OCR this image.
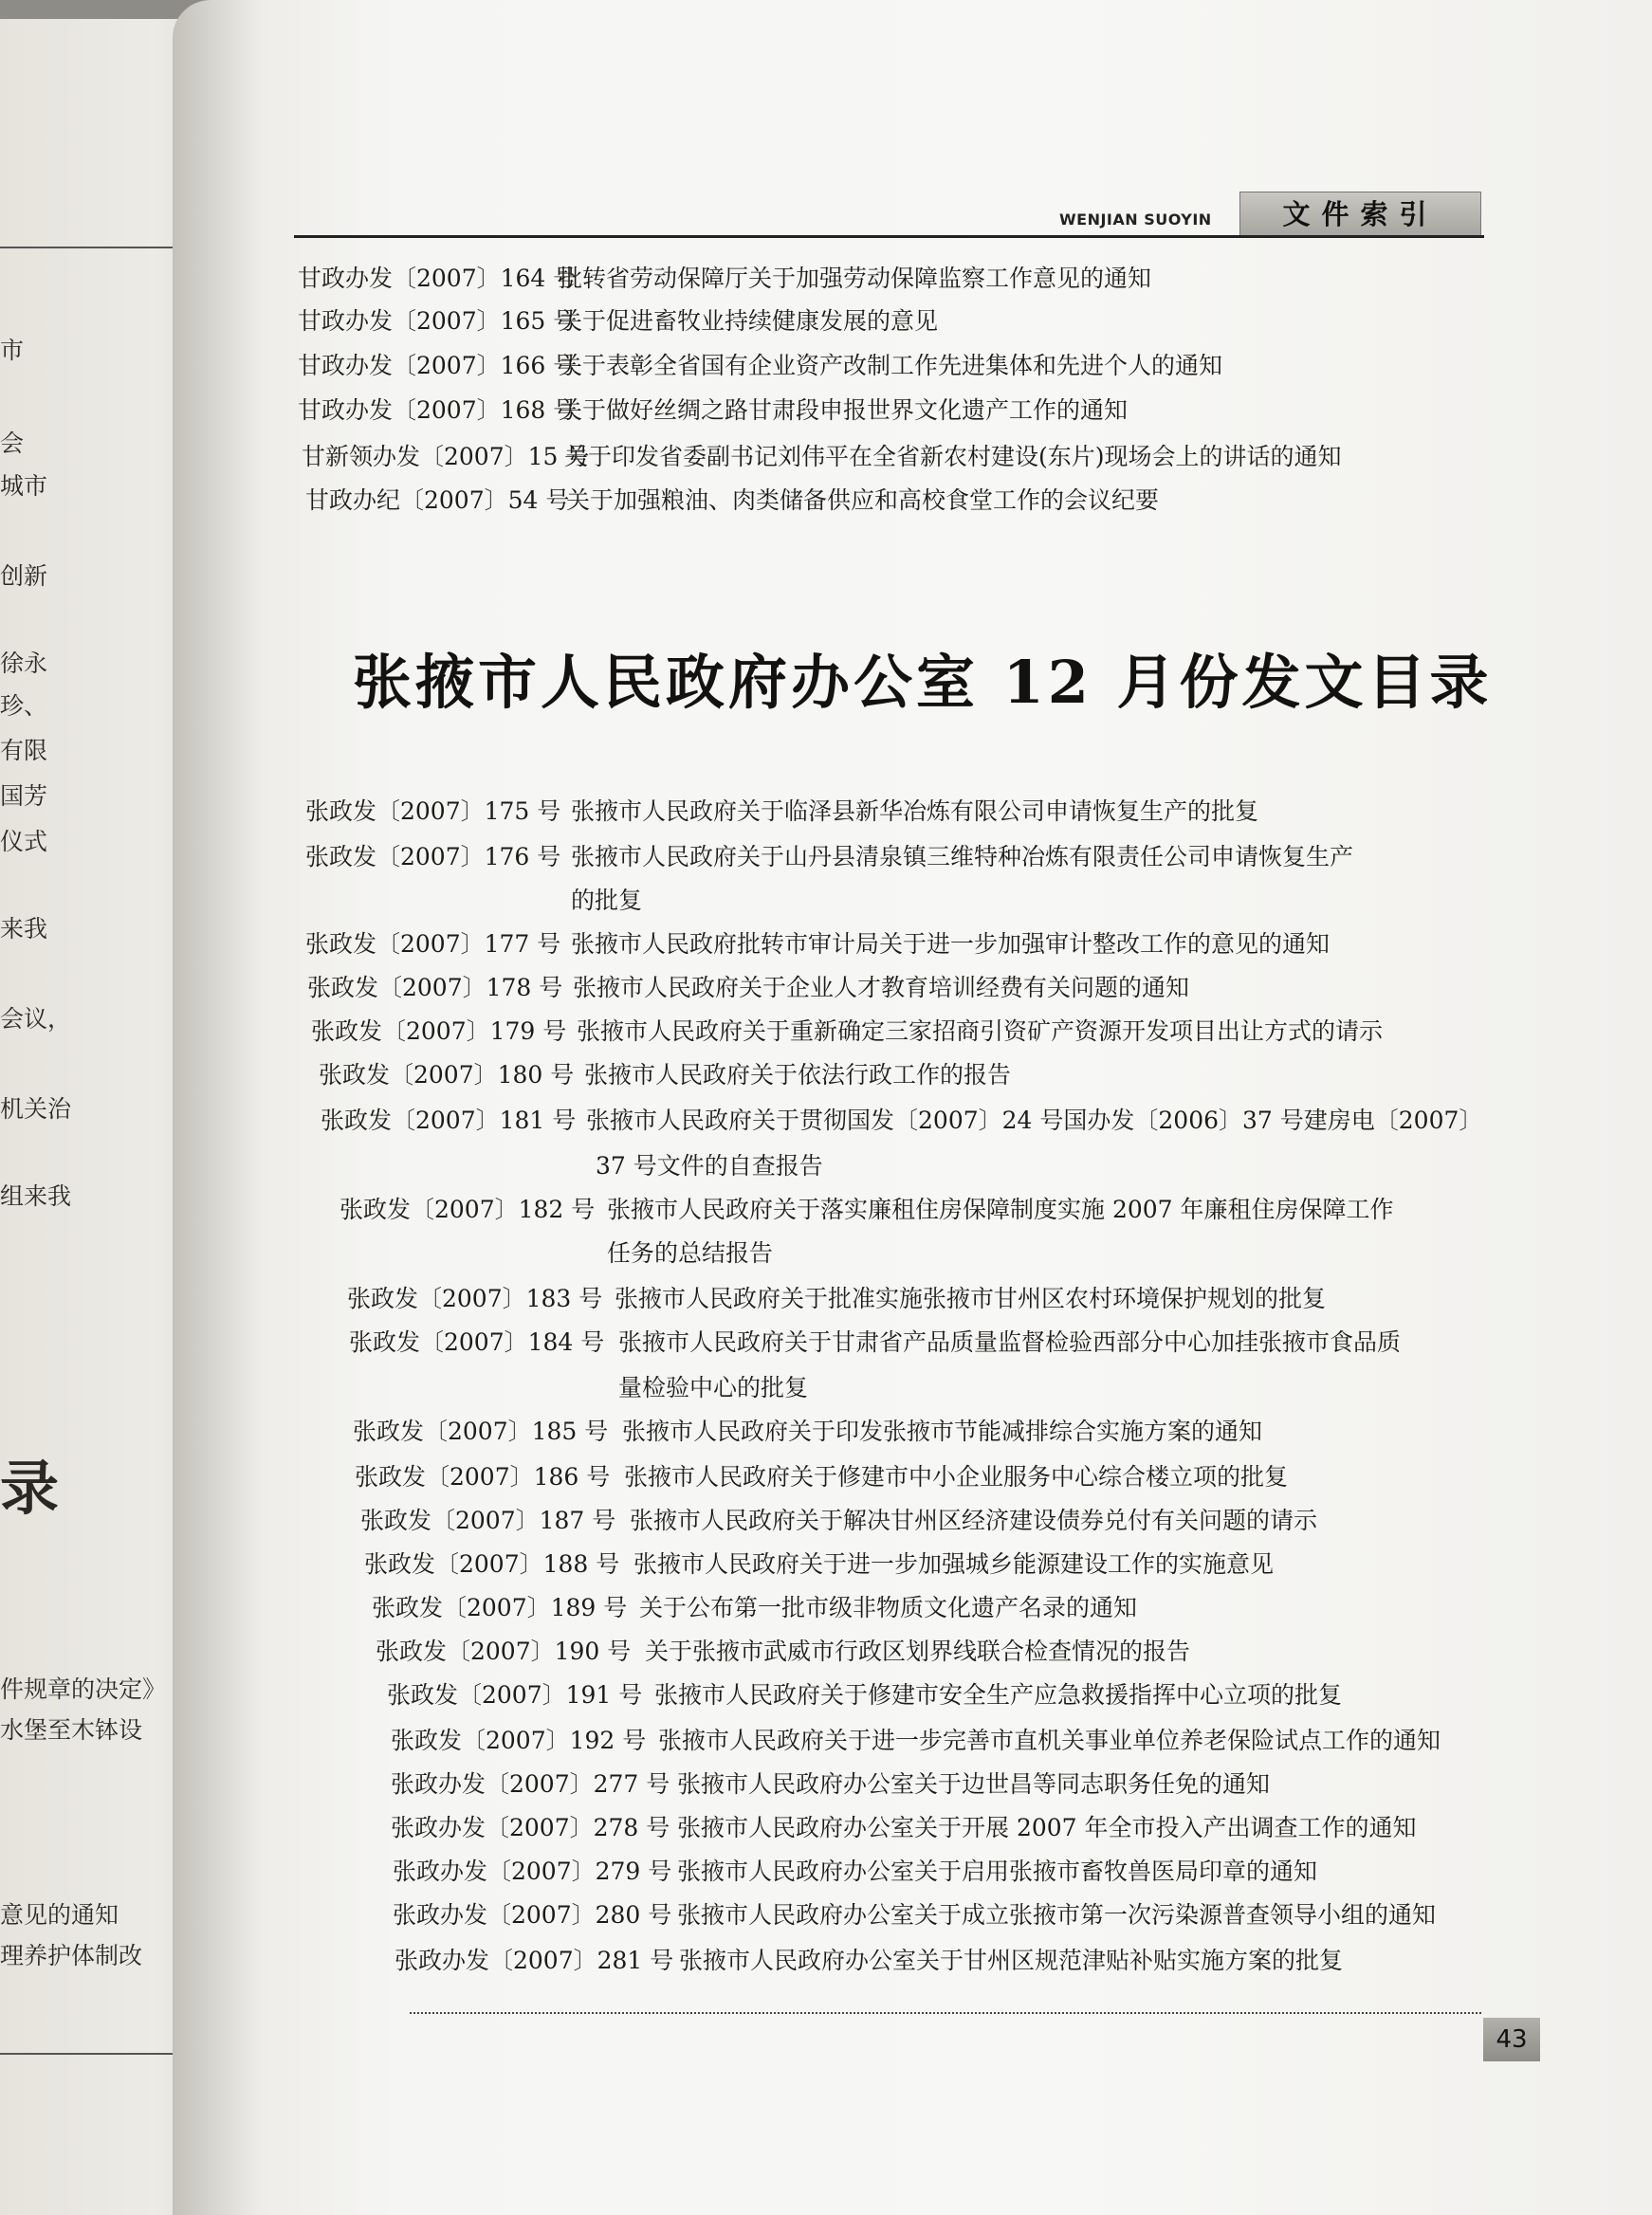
市
会
城市
创新
徐永
珍、
有限
国芳
仪式
来我
会议，
机关治
组来我
录
件规章的决定》
水堡至木钵设
意见的通知
理养护体制改
WENJIAN SUOYIN	文件索引
甘政办发〔2007〕164 号
批转省劳动保障厅关于加强劳动保障监察工作意见的通知
甘政办发〔2007〕165 号
关于促进畜牧业持续健康发展的意见
甘政办发〔2007〕166 号
关于表彰全省国有企业资产改制工作先进集体和先进个人的通知
甘政办发〔2007〕168 号
关于做好丝绸之路甘肃段申报世界文化遗产工作的通知
甘新领办发〔2007〕15 号
关于印发省委副书记刘伟平在全省新农村建设(东片)现场会上的讲话的通知
甘政办纪〔2007〕54 号
关于加强粮油、肉类储备供应和高校食堂工作的会议纪要
张掖市人民政府办公室 12 月份发文目录
张政发〔2007〕175 号 张掖市人民政府关于临泽县新华冶炼有限公司申请恢复生产的批复
张政发〔2007〕176 号 张掖市人民政府关于山丹县清泉镇三维特种冶炼有限责任公司申请恢复生产
的批复
张政发〔2007〕177 号 张掖市人民政府批转市审计局关于进一步加强审计整改工作的意见的通知
张政发〔2007〕178 号 张掖市人民政府关于企业人才教育培训经费有关问题的通知
张政发〔2007〕179 号 张掖市人民政府关于重新确定三家招商引资矿产资源开发项目出让方式的请示
张政发〔2007〕180 号 张掖市人民政府关于依法行政工作的报告
张政发〔2007〕181 号 张掖市人民政府关于贯彻国发〔2007〕24 号国办发〔2006〕37 号建房电〔2007〕
37 号文件的自查报告
张政发〔2007〕182 号 张掖市人民政府关于落实廉租住房保障制度实施 2007 年廉租住房保障工作
任务的总结报告
张政发〔2007〕183 号 张掖市人民政府关于批准实施张掖市甘州区农村环境保护规划的批复
张政发〔2007〕184 号 张掖市人民政府关于甘肃省产品质量监督检验西部分中心加挂张掖市食品质
量检验中心的批复
张政发〔2007〕185 号 张掖市人民政府关于印发张掖市节能减排综合实施方案的通知
张政发〔2007〕186 号 张掖市人民政府关于修建市中小企业服务中心综合楼立项的批复
张政发〔2007〕187 号 张掖市人民政府关于解决甘州区经济建设债券兑付有关问题的请示
张政发〔2007〕188 号 张掖市人民政府关于进一步加强城乡能源建设工作的实施意见
张政发〔2007〕189 号 关于公布第一批市级非物质文化遗产名录的通知
张政发〔2007〕190 号 关于张掖市武威市行政区划界线联合检查情况的报告
张政发〔2007〕191 号 张掖市人民政府关于修建市安全生产应急救援指挥中心立项的批复
张政发〔2007〕192 号 张掖市人民政府关于进一步完善市直机关事业单位养老保险试点工作的通知
张政办发〔2007〕277 号 张掖市人民政府办公室关于边世昌等同志职务任免的通知
张政办发〔2007〕278 号 张掖市人民政府办公室关于开展 2007 年全市投入产出调查工作的通知
张政办发〔2007〕279 号 张掖市人民政府办公室关于启用张掖市畜牧兽医局印章的通知
张政办发〔2007〕280 号 张掖市人民政府办公室关于成立张掖市第一次污染源普查领导小组的通知
张政办发〔2007〕281 号 张掖市人民政府办公室关于甘州区规范津贴补贴实施方案的批复
43
